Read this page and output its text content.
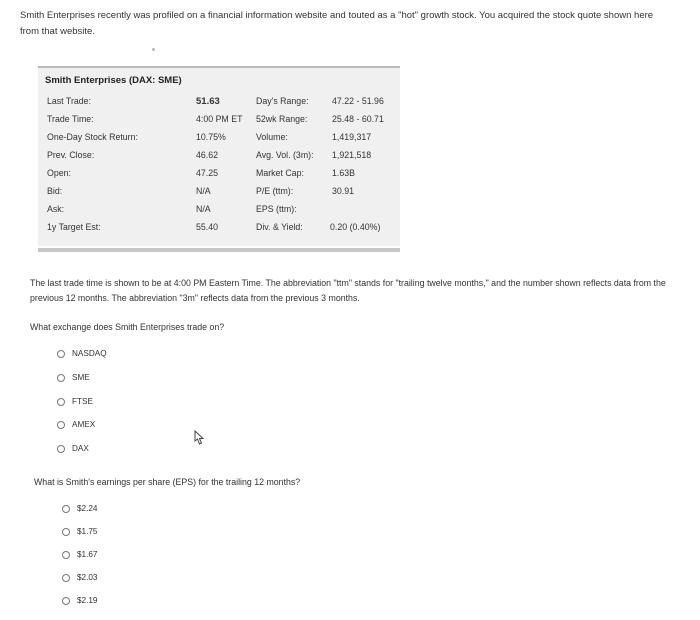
Smith Enterprises recently was profiled on a financial information website and touted as a "hot" growth stock. You acquired the stock quote shown here from that website.
Smith Enterprises (DAX: SME)
Last Trade:	51.63	Day's Range:	47.22 - 51.96
Trade Time:	4:00 PM ET 52wk Range:	25.48 - 60.71
One-Day Stock Return:	10.75%	Volume:	1,419,317
Prev. Close:	46.62	Avg. Vol. (3m): 1,921,518
Open:	47.25	Market Cap:	1.63B
Bid:	N/A	P/E (ttm):	30.91
Ask:	N/A	EPS (ttm):
1y Target Est:	55.40	Div. & Yield:	0.20 (0.40%)
The last trade time is shown to be at 4:00 PM Eastern Time. The abbreviation "ttm" stands for "trailing twelve months," and the number shown reflects data from the previous 12 months. The abbreviation "3m" reflects data from the previous 3 months.
What exchange does Smith Enterprises trade on?
NASDAQ
SME
FTSE
AMEX
DAX
What is Smith's earnings per share (EPS) for the trailing 12 months?
$2.24
$1.75
$1.67
$2.03
$2.19
